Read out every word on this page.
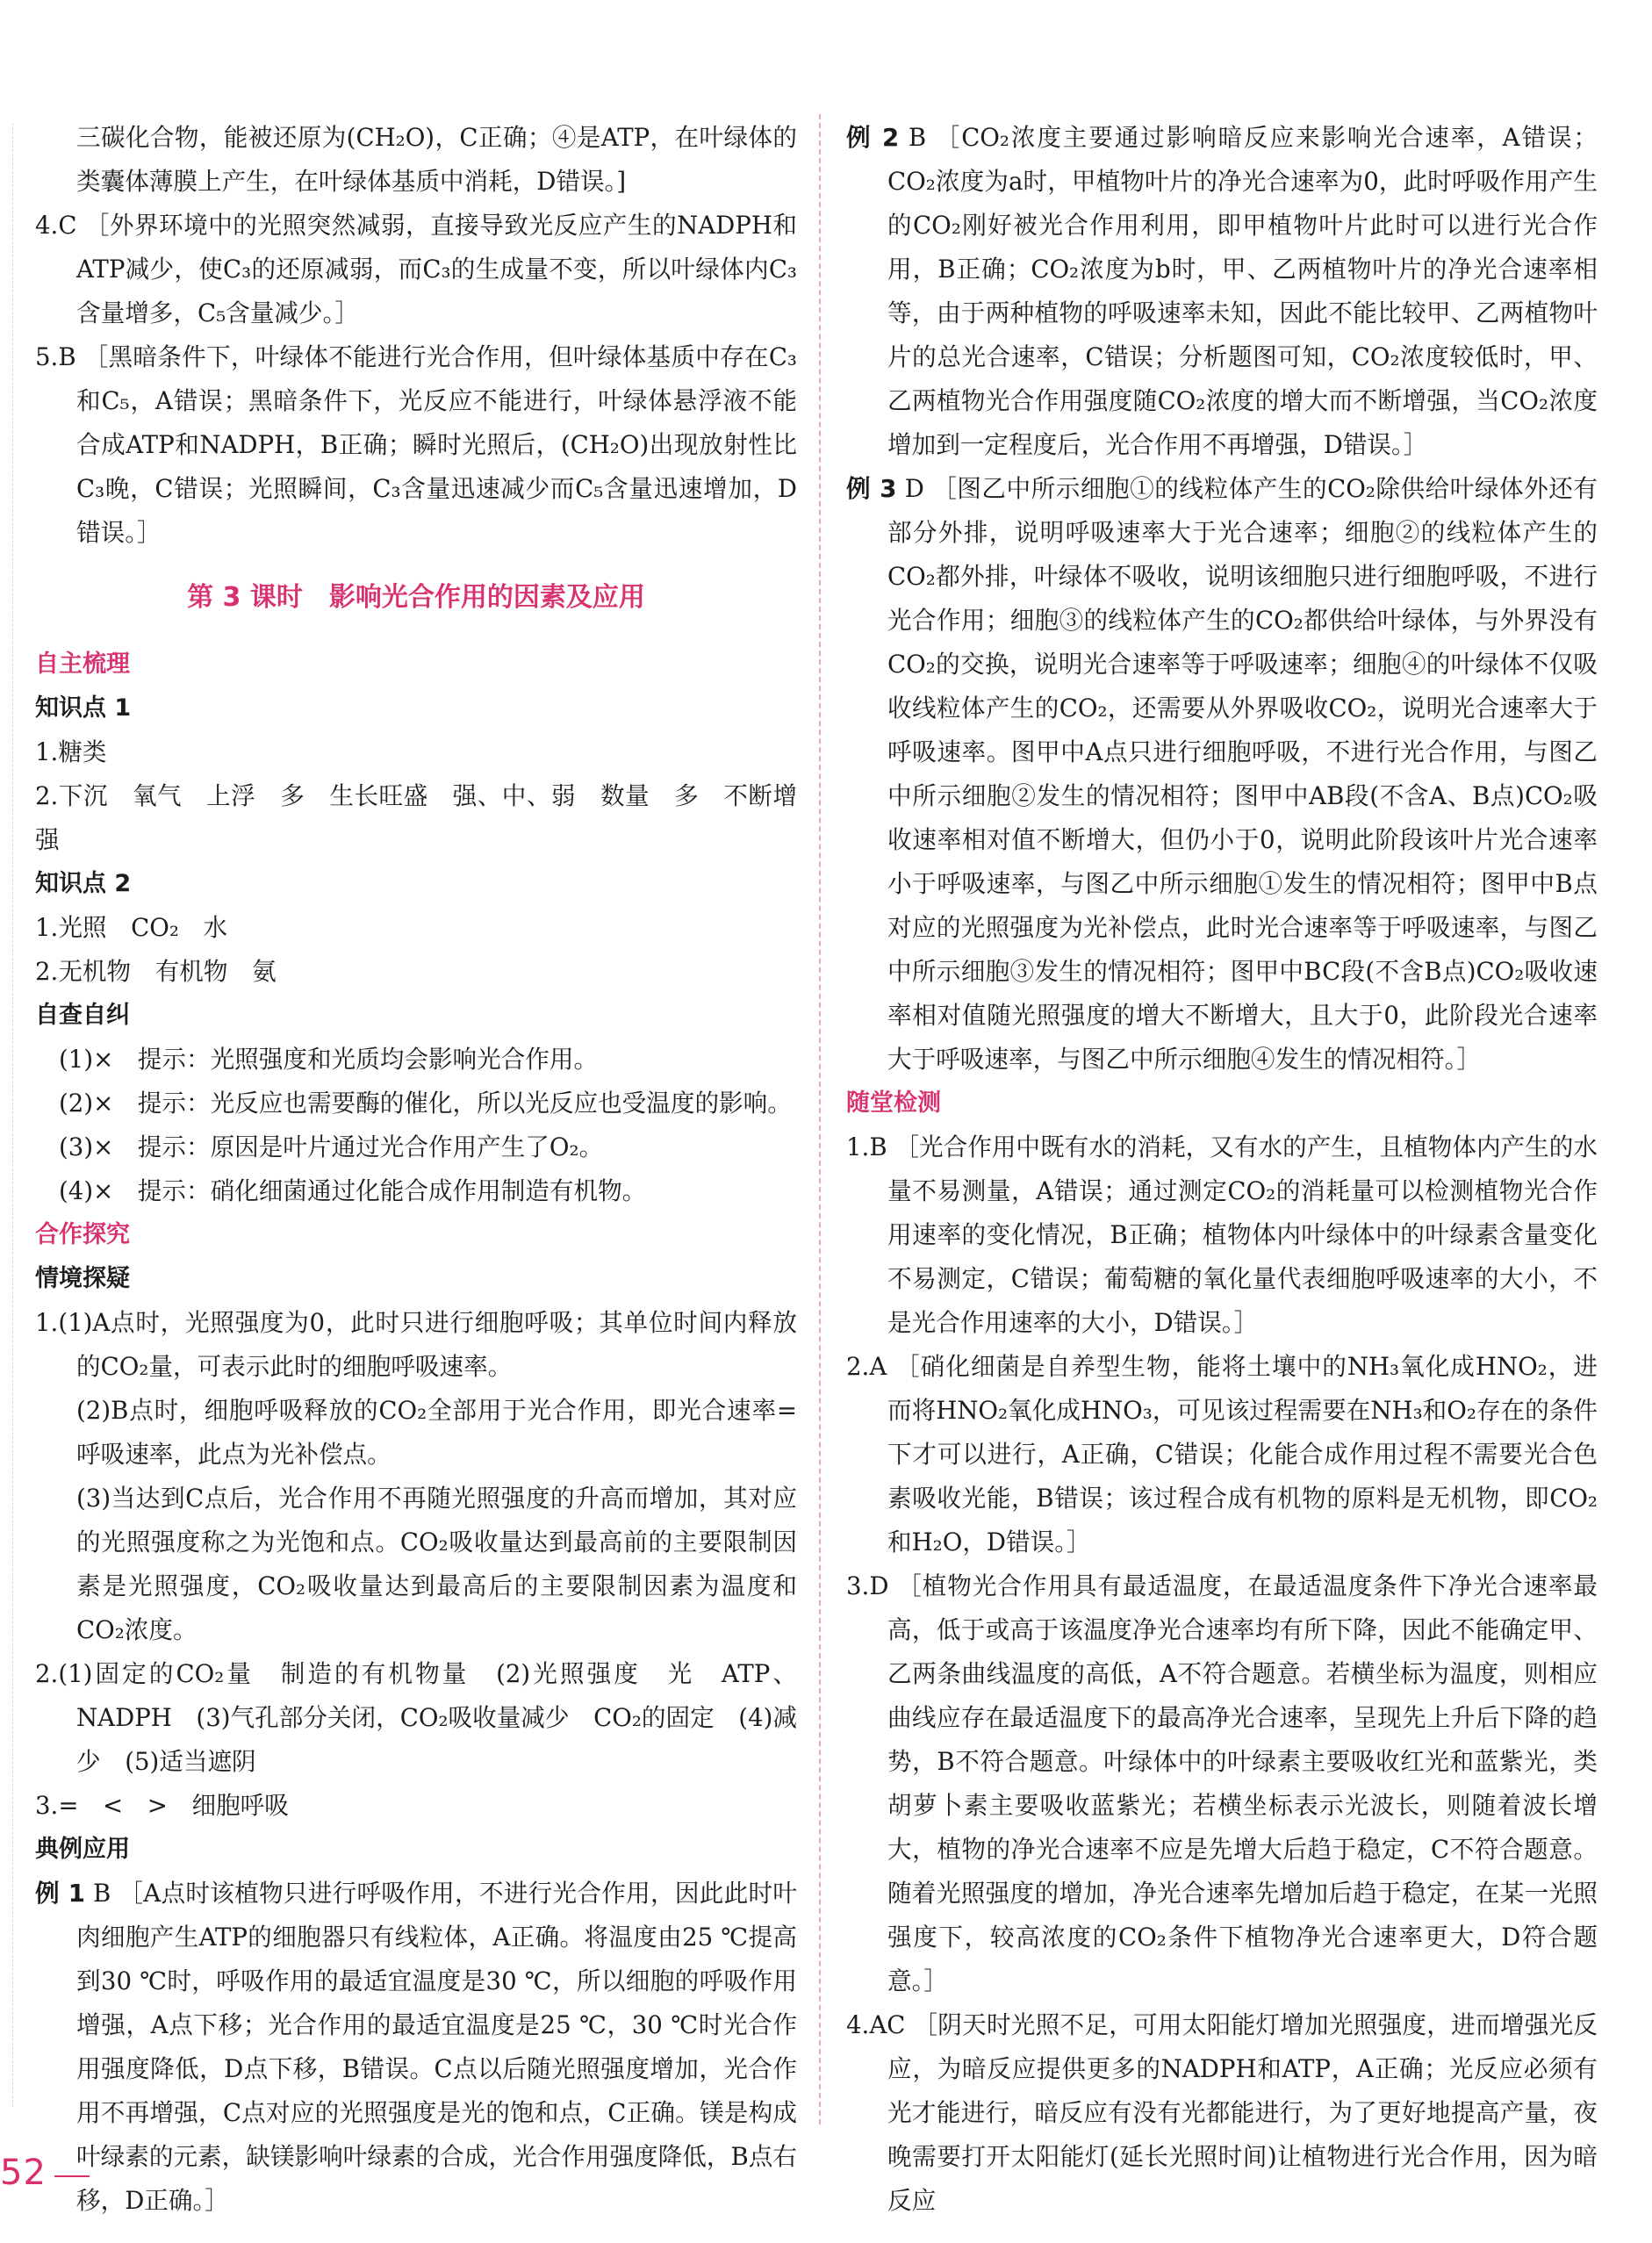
三碳化合物，能被还原为(CH₂O)，C正确；④是ATP，在叶绿体的类囊体薄膜上产生，在叶绿体基质中消耗，D错误。]
4.C ［外界环境中的光照突然减弱，直接导致光反应产生的NADPH和ATP减少，使C₃的还原减弱，而C₃的生成量不变，所以叶绿体内C₃含量增多，C₅含量减少。］
5.B ［黑暗条件下，叶绿体不能进行光合作用，但叶绿体基质中存在C₃和C₅，A错误；黑暗条件下，光反应不能进行，叶绿体悬浮液不能合成ATP和NADPH，B正确；瞬时光照后，(CH₂O)出现放射性比C₃晚，C错误；光照瞬间，C₃含量迅速减少而C₅含量迅速增加，D错误。］
第 3 课时　影响光合作用的因素及应用
自主梳理
知识点 1
1.糖类
2.下沉　氧气　上浮　多　生长旺盛　强、中、弱　数量　多　不断增强
知识点 2
1.光照　CO₂　水
2.无机物　有机物　氨
自查自纠
(1)×　提示：光照强度和光质均会影响光合作用。
(2)×　提示：光反应也需要酶的催化，所以光反应也受温度的影响。
(3)×　提示：原因是叶片通过光合作用产生了O₂。
(4)×　提示：硝化细菌通过化能合成作用制造有机物。
合作探究
情境探疑
1.(1)A点时，光照强度为0，此时只进行细胞呼吸；其单位时间内释放的CO₂量，可表示此时的细胞呼吸速率。
(2)B点时，细胞呼吸释放的CO₂全部用于光合作用，即光合速率=呼吸速率，此点为光补偿点。
(3)当达到C点后，光合作用不再随光照强度的升高而增加，其对应的光照强度称之为光饱和点。CO₂吸收量达到最高前的主要限制因素是光照强度，CO₂吸收量达到最高后的主要限制因素为温度和CO₂浓度。
2.(1)固定的CO₂量　制造的有机物量　(2)光照强度　光　ATP、NADPH　(3)气孔部分关闭，CO₂吸收量减少　CO₂的固定　(4)减少　(5)适当遮阴
3.=　<　>　细胞呼吸
典例应用
例 1 B ［A点时该植物只进行呼吸作用，不进行光合作用，因此此时叶肉细胞产生ATP的细胞器只有线粒体，A正确。将温度由25 ℃提高到30 ℃时，呼吸作用的最适宜温度是30 ℃，所以细胞的呼吸作用增强，A点下移；光合作用的最适宜温度是25 ℃，30 ℃时光合作用强度降低，D点下移，B错误。C点以后随光照强度增加，光合作用不再增强，C点对应的光照强度是光的饱和点，C正确。镁是构成叶绿素的元素，缺镁影响叶绿素的合成，光合作用强度降低，B点右移，D正确。］
例 2 B ［CO₂浓度主要通过影响暗反应来影响光合速率，A错误；CO₂浓度为a时，甲植物叶片的净光合速率为0，此时呼吸作用产生的CO₂刚好被光合作用利用，即甲植物叶片此时可以进行光合作用，B正确；CO₂浓度为b时，甲、乙两植物叶片的净光合速率相等，由于两种植物的呼吸速率未知，因此不能比较甲、乙两植物叶片的总光合速率，C错误；分析题图可知，CO₂浓度较低时，甲、乙两植物光合作用强度随CO₂浓度的增大而不断增强，当CO₂浓度增加到一定程度后，光合作用不再增强，D错误。］
例 3 D ［图乙中所示细胞①的线粒体产生的CO₂除供给叶绿体外还有部分外排，说明呼吸速率大于光合速率；细胞②的线粒体产生的CO₂都外排，叶绿体不吸收，说明该细胞只进行细胞呼吸，不进行光合作用；细胞③的线粒体产生的CO₂都供给叶绿体，与外界没有CO₂的交换，说明光合速率等于呼吸速率；细胞④的叶绿体不仅吸收线粒体产生的CO₂，还需要从外界吸收CO₂，说明光合速率大于呼吸速率。图甲中A点只进行细胞呼吸，不进行光合作用，与图乙中所示细胞②发生的情况相符；图甲中AB段(不含A、B点)CO₂吸收速率相对值不断增大，但仍小于0，说明此阶段该叶片光合速率小于呼吸速率，与图乙中所示细胞①发生的情况相符；图甲中B点对应的光照强度为光补偿点，此时光合速率等于呼吸速率，与图乙中所示细胞③发生的情况相符；图甲中BC段(不含B点)CO₂吸收速率相对值随光照强度的增大不断增大，且大于0，此阶段光合速率大于呼吸速率，与图乙中所示细胞④发生的情况相符。］
随堂检测
1.B ［光合作用中既有水的消耗，又有水的产生，且植物体内产生的水量不易测量，A错误；通过测定CO₂的消耗量可以检测植物光合作用速率的变化情况，B正确；植物体内叶绿体中的叶绿素含量变化不易测定，C错误；葡萄糖的氧化量代表细胞呼吸速率的大小，不是光合作用速率的大小，D错误。］
2.A ［硝化细菌是自养型生物，能将土壤中的NH₃氧化成HNO₂，进而将HNO₂氧化成HNO₃，可见该过程需要在NH₃和O₂存在的条件下才可以进行，A正确，C错误；化能合成作用过程不需要光合色素吸收光能，B错误；该过程合成有机物的原料是无机物，即CO₂和H₂O，D错误。］
3.D ［植物光合作用具有最适温度，在最适温度条件下净光合速率最高，低于或高于该温度净光合速率均有所下降，因此不能确定甲、乙两条曲线温度的高低，A不符合题意。若横坐标为温度，则相应曲线应存在最适温度下的最高净光合速率，呈现先上升后下降的趋势，B不符合题意。叶绿体中的叶绿素主要吸收红光和蓝紫光，类胡萝卜素主要吸收蓝紫光；若横坐标表示光波长，则随着波长增大，植物的净光合速率不应是先增大后趋于稳定，C不符合题意。随着光照强度的增加，净光合速率先增加后趋于稳定，在某一光照强度下，较高浓度的CO₂条件下植物净光合速率更大，D符合题意。］
4.AC ［阴天时光照不足，可用太阳能灯增加光照强度，进而增强光反应，为暗反应提供更多的NADPH和ATP，A正确；光反应必须有光才能进行，暗反应有没有光都能进行，为了更好地提高产量，夜晚需要打开太阳能灯(延长光照时间)让植物进行光合作用，因为暗反应
52
